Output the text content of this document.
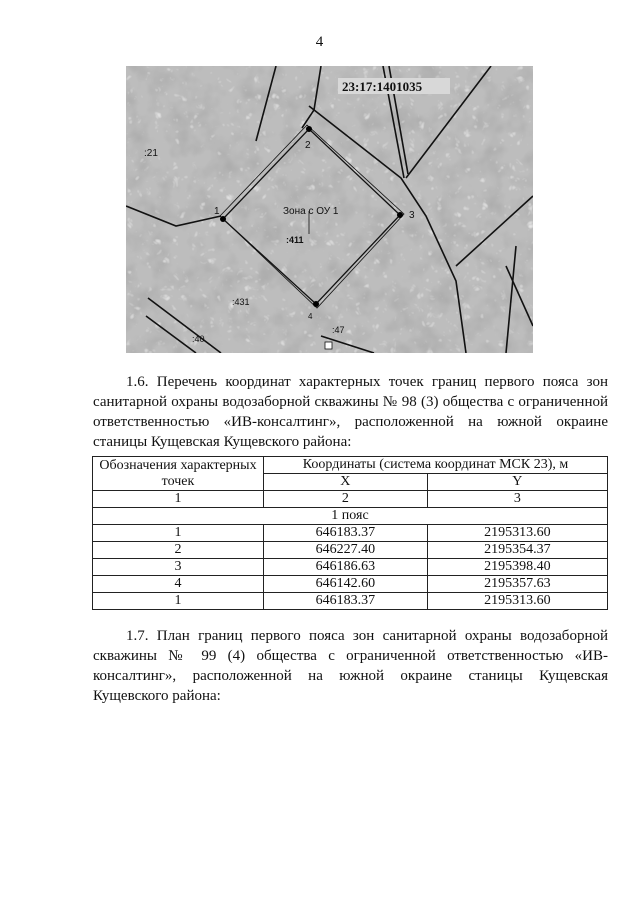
4
23:17:1401035
Зона с ОУ 1
1
2
3
4
:21
:411
:431
:40
:47

1.6. Перечень координат характерных точек границ первого пояса зон санитарной охраны водозаборной скважины № 98 (3) общества с ограниченной ответственностью «ИВ-консалтинг», расположенной на южной окраине станицы Кущевская Кущевского района:

Обозначения характерных точек	Координаты (система координат МСК 23), м	
	X	Y
1	2	3
1 пояс		
1	646183.37	2195313.60
2	646227.40	2195354.37
3	646186.63	2195398.40
4	646142.60	2195357.63
1	646183.37	2195313.60

1.7. План границ первого пояса зон санитарной охраны водозаборной скважины № 99 (4) общества с ограниченной ответственностью «ИВ-консалтинг», расположенной на южной окраине станицы Кущевская Кущевского района:
